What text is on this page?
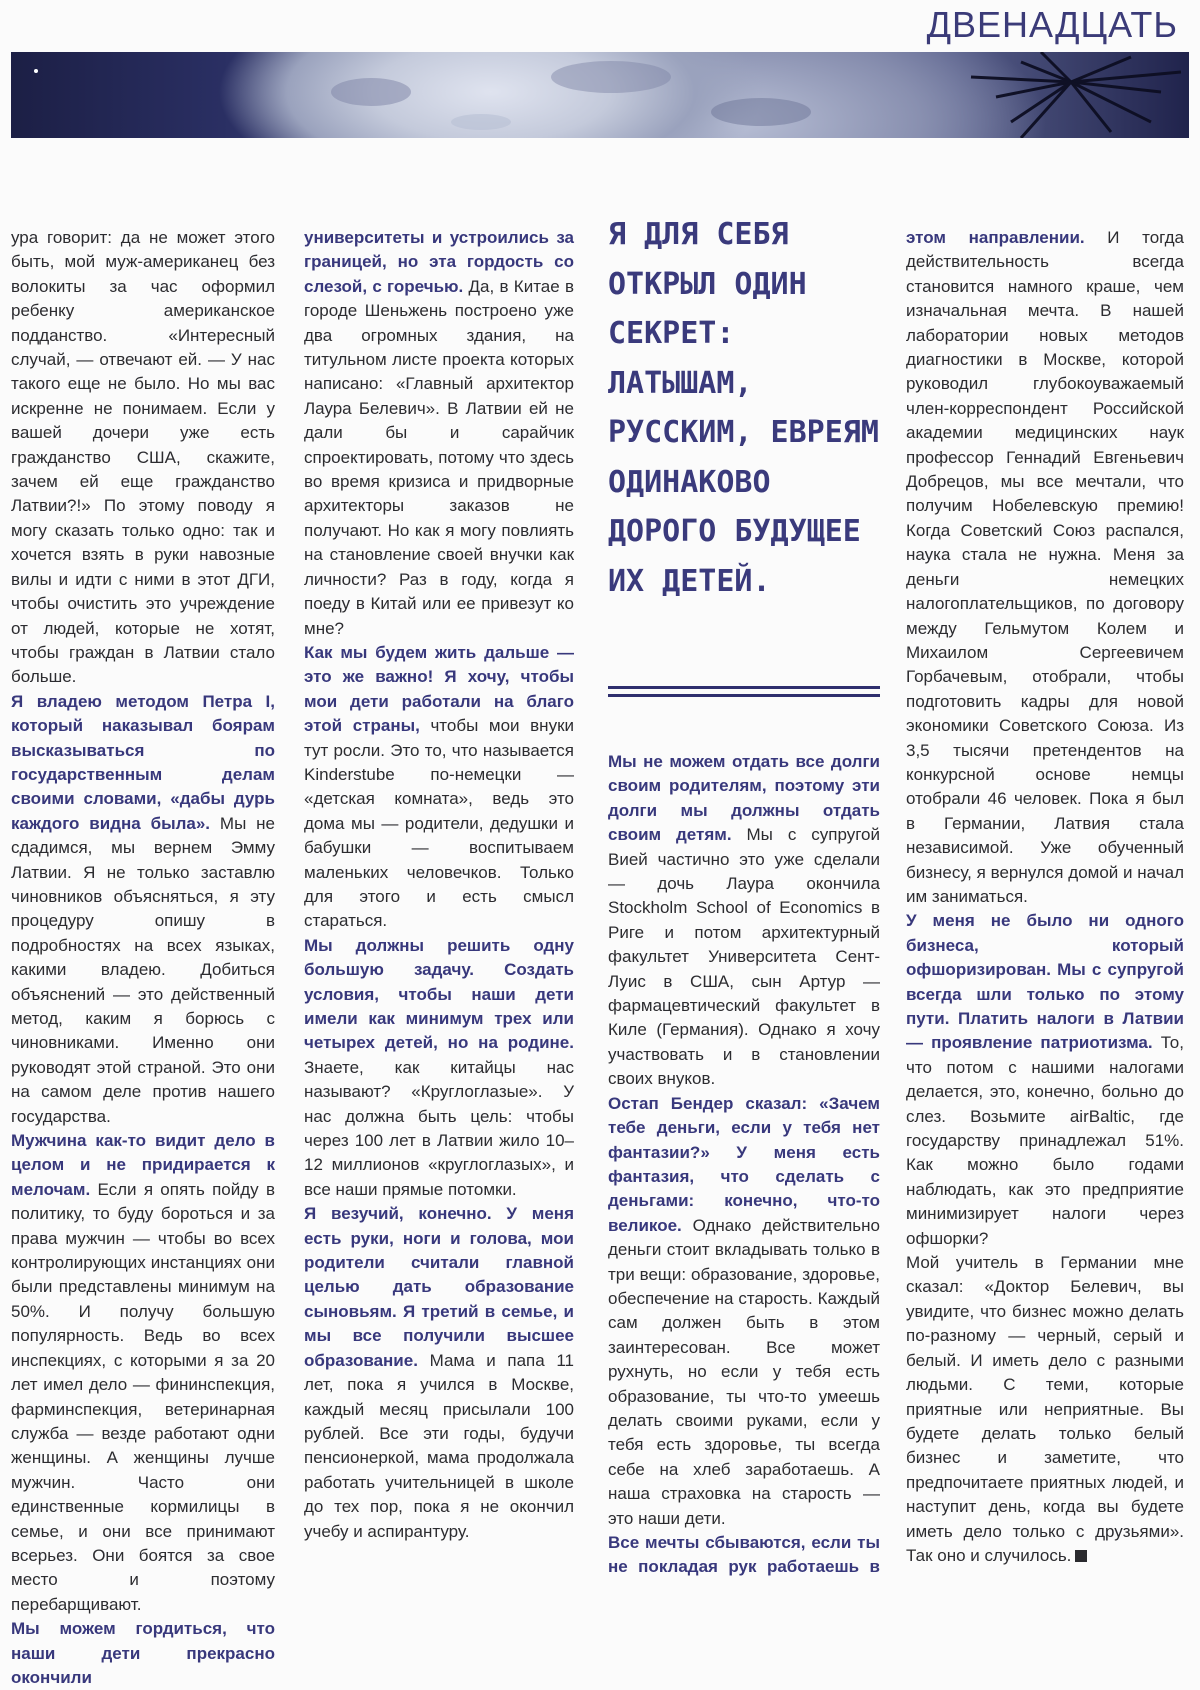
ДВЕНАДЦАТЬ

ура говорит: да не может этого быть, мой муж-американец без волокиты за час оформил ребенку американское подданство. «Интересный случай, — отвечают ей. — У нас такого еще не было. Но мы вас искренне не понимаем. Если у вашей дочери уже есть гражданство США, скажите, зачем ей еще гражданство Латвии?!» По этому поводу я могу сказать только одно: так и хочется взять в руки навозные вилы и идти с ними в этот ДГИ, чтобы очистить это учреждение от людей, которые не хотят, чтобы граждан в Латвии стало больше.

Я владею методом Петра I, который наказывал боярам высказываться по государственным делам своими словами, «дабы дурь каждого видна была». Мы не сдадимся, мы вернем Эмму Латвии. Я не только заставлю чиновников объясняться, я эту процедуру опишу в подробностях на всех языках, какими владею. Добиться объяснений — это действенный метод, каким я борюсь с чиновниками. Именно они руководят этой страной. Это они на самом деле против нашего государства.

Мужчина как-то видит дело в целом и не придирается к мелочам. Если я опять пойду в политику, то буду бороться и за права мужчин — чтобы во всех контролирующих инстанциях они были представлены минимум на 50%. И получу большую популярность. Ведь во всех инспекциях, с которыми я за 20 лет имел дело — фининспекция, фарминспекция, ветеринарная служба — везде работают одни женщины. А женщины лучше мужчин. Часто они единственные кормилицы в семье, и они все принимают всерьез. Они боятся за свое место и поэтому перебарщивают.

Мы можем гордиться, что наши дети прекрасно окончили

университеты и устроились за границей, но эта гордость со слезой, с горечью. Да, в Китае в городе Шеньжень построено уже два огромных здания, на титульном листе проекта которых написано: «Главный архитектор Лаура Белевич». В Латвии ей не дали бы и сарайчик спроектировать, потому что здесь во время кризиса и придворные архитекторы заказов не получают. Но как я могу повлиять на становление своей внучки как личности? Раз в году, когда я поеду в Китай или ее привезут ко мне?

Как мы будем жить дальше — это же важно! Я хочу, чтобы мои дети работали на благо этой страны, чтобы мои внуки тут росли. Это то, что называется Kinderstube по-немецки — «детская комната», ведь это дома мы — родители, дедушки и бабушки — воспитываем маленьких человечков. Только для этого и есть смысл стараться.

Мы должны решить одну большую задачу. Создать условия, чтобы наши дети имели как минимум трех или четырех детей, но на родине. Знаете, как китайцы нас называют? «Круглоглазые». У нас должна быть цель: чтобы через 100 лет в Латвии жило 10–12 миллионов «круглоглазых», и все наши прямые потомки.

Я везучий, конечно. У меня есть руки, ноги и голова, мои родители считали главной целью дать образование сыновьям. Я третий в семье, и мы все получили высшее образование. Мама и папа 11 лет, пока я учился в Москве, каждый месяц присылали 100 рублей. Все эти годы, будучи пенсионеркой, мама продолжала работать учительницей в школе до тех пор, пока я не окончил учебу и аспирантуру.

Я ДЛЯ СЕБЯ ОТКРЫЛ ОДИН СЕКРЕТ: ЛАТЫШАМ, РУССКИМ, ЕВРЕЯМ ОДИНАКОВО ДОРОГО БУДУЩЕЕ ИХ ДЕТЕЙ.

Мы не можем отдать все долги своим родителям, поэтому эти долги мы должны отдать своим детям. Мы с супругой Вией частично это уже сделали — дочь Лаура окончила Stockholm School of Economics в Риге и потом архитектурный факультет Университета Сент-Луис в США, сын Артур — фармацевтический факультет в Киле (Германия). Однако я хочу участвовать и в становлении своих внуков.

Остап Бендер сказал: «Зачем тебе деньги, если у тебя нет фантазии?» У меня есть фантазия, что сделать с деньгами: конечно, что-то великое. Однако действительно деньги стоит вкладывать только в три вещи: образование, здоровье, обеспечение на старость. Каждый сам должен быть в этом заинтересован. Все может рухнуть, но если у тебя есть образование, ты что-то умеешь делать своими руками, если у тебя есть здоровье, ты всегда себе на хлеб заработаешь. А наша страховка на старость — это наши дети.

Все мечты сбываются, если ты не покладая рук работаешь в

этом направлении. И тогда действительность всегда становится намного краше, чем изначальная мечта. В нашей лаборатории новых методов диагностики в Москве, которой руководил глубокоуважаемый член-корреспондент Российской академии медицинских наук профессор Геннадий Евгеньевич Добрецов, мы все мечтали, что получим Нобелевскую премию! Когда Советский Союз распался, наука стала не нужна. Меня за деньги немецких налогоплательщиков, по договору между Гельмутом Колем и Михаилом Сергеевичем Горбачевым, отобрали, чтобы подготовить кадры для новой экономики Советского Союза. Из 3,5 тысячи претендентов на конкурсной основе немцы отобрали 46 человек. Пока я был в Германии, Латвия стала независимой. Уже обученный бизнесу, я вернулся домой и начал им заниматься.

У меня не было ни одного бизнеса, который офшоризирован. Мы с супругой всегда шли только по этому пути. Платить налоги в Латвии — проявление патриотизма. То, что потом с нашими налогами делается, это, конечно, больно до слез. Возьмите airBaltic, где государству принадлежал 51%. Как можно было годами наблюдать, как это предприятие минимизирует налоги через офшорки?

Мой учитель в Германии мне сказал: «Доктор Белевич, вы увидите, что бизнес можно делать по-разному — черный, серый и белый. И иметь дело с разными людьми. С теми, которые приятные или неприятные. Вы будете делать только белый бизнес и заметите, что предпочитаете приятных людей, и наступит день, когда вы будете иметь дело только с друзьями». Так оно и случилось.
